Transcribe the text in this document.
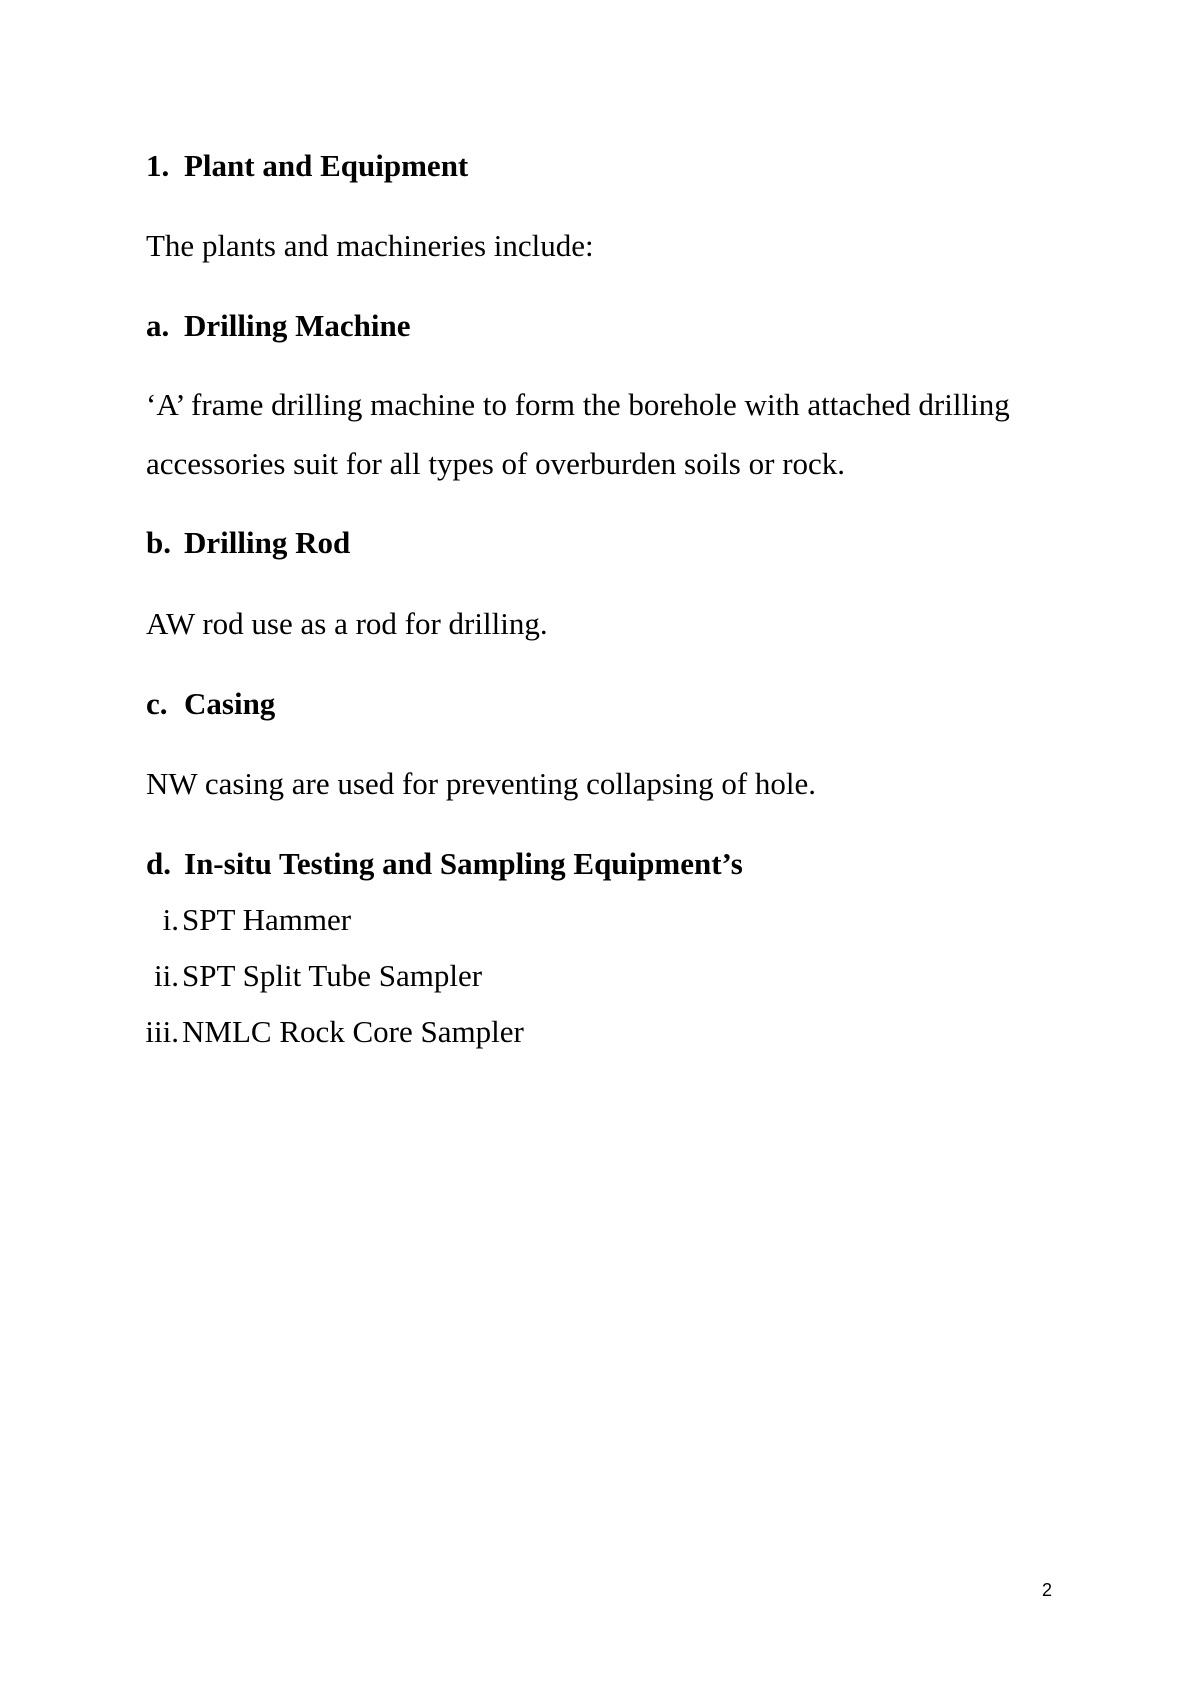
1. Plant and Equipment
The plants and machineries include:
a. Drilling Machine
‘A’ frame drilling machine to form the borehole with attached drilling
accessories suit for all types of overburden soils or rock.
b. Drilling Rod
AW rod use as a rod for drilling.
c. Casing
NW casing are used for preventing collapsing of hole.
d. In-situ Testing and Sampling Equipment’s
i.SPT Hammer
ii.SPT Split Tube Sampler
iii.NMLC Rock Core Sampler
2
